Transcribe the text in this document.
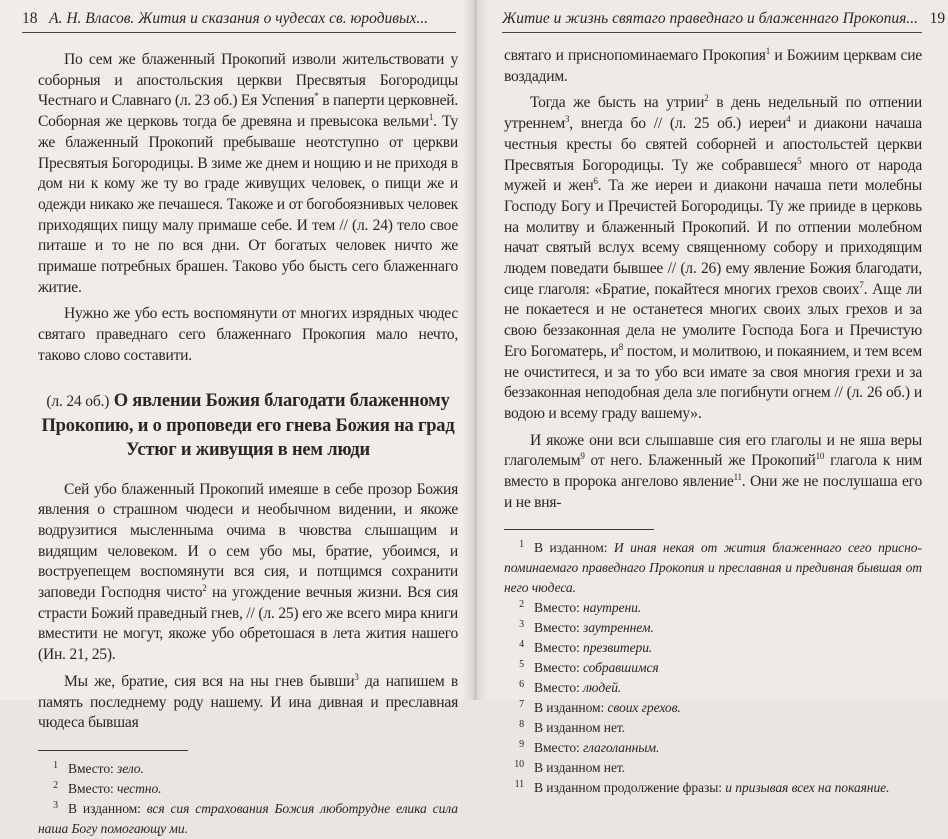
18 А. Н. Власов. Жития и сказания о чудесах св. юродивых...

По сем же блаженный Прокопий изволи жительствовати у соборныя и апостольския церкви Пресвятыя Богородицы Честнаго и Славнаго (л. 23 об.) Ея Успения* в паперти церковней. Соборная же церковь тогда бе древяна и превысока вельми$^1$. Ту же блаженный Прокопий пребываше неотступно от церкви Пресвятыя Богородицы. В зиме же днем и нощию и не приходя в дом ни к кому же ту во граде живущих человек, о пищи же и одежди никако же печашеся. Такоже и от богобоязнивых человек приходящих пищу малу примаше себе. И тем // (л. 24) тело свое питаше и то не по вся дни. От богатых человек ничто же примаше потребных брашен. Таково убо бысть сего блаженнаго житие.

Нужно же убо есть воспомянути от многих изрядных чюдес святаго праведнаго сего блаженнаго Прокопия мало нечто, таково слово составити.

(л. 24 об.) О явлении Божия благодати блаженному Прокопию, и о проповеди его гнева Божия на град Устюг и живущия в нем люди

Сей убо блаженный Прокопий имеяше в себе прозор Божия явления о страшном чюдеси и необычном видении, и якоже водрузитися мысленныма очима в чювства слышащим и видящим человеком. И о сем убо мы, братие, убоимся, и воструепещем воспомянути вся сия, и потщимся сохранити заповеди Господня чисто$^2$ на угождение вечныя жизни. Вся сия страсти Божий праведный гнев, // (л. 25) его же всего мира книги вместити не могут, якоже убо обретошася в лета жития нашего (Ин. 21, 25).

Мы же, братие, сия вся на ны гнев бывши$^3$ да напишем в память последнему роду нашему. И ина дивная и преславная чюдеса бывшая

1 Вместо: зело.
2 Вместо: честно.
3 В изданном: вся сия страхования Божия люботрудне елика сила наша Богу помогающу ми.
Житие и жизнь святаго праведнаго и блаженнаго Прокопия... 19

святаго и приснопоминаемаго Прокопия$^1$ и Божиим церквам сие воздадим.

Тогда же бысть на утрии$^2$ в день недельный по отпении утреннем$^3$, внегда бо // (л. 25 об.) иереи$^4$ и диакони начаша честныя кресты бо святей соборней и апостольстей церкви Пресвятыя Богородицы. Ту же собравшеся$^5$ много от народа мужей и жен$^6$. Та же иереи и диакони начаша пети молебны Господу Богу и Пречистей Богородицы. Ту же прииде в церковь на молитву и блаженный Прокопий. И по отпении молебном начат святый вслух всему священному собору и приходящим людем поведати бывшее // (л. 26) ему явление Божия благодати, сице глаголя: «Братие, покайтеся многих грехов своих$^7$. Аще ли не покаетеся и не останетеся многих своих злых грехов и за свою беззаконная дела не умолите Господа Бога и Пречистую Его Богоматерь, $и^8$ постом, и молитвою, и покаянием, и тем всем не очиститеся, и за то убо вси имате за своя многия грехи и за беззаконная неподобная дела зле погибнути огнем // (л. 26 об.) и водою и всему граду вашему».

И якоже они вси слышавше сия его глаголы и не яша веры глаголемым$^9$ от него. Блаженный же Прокопий$^{10}$ глагола к ним вместо в пророка ангелово явление$^{11}$. Они же не послушаша его и не вня-

1 В изданном: И иная некая от жития блаженнаго сего приснопоминаемаго праведнаго Прокопия и преславная и предивная бывшая от него чюдеса.
2 Вместо: наутрени.
3 Вместо: заутреннем.
4 Вместо: презвитери.
5 Вместо: собравшимся
6 Вместо: людей.
7 В изданном: своих грехов.
8 В изданном нет.
9 Вместо: глаголанным.
10 В изданном нет.
11 В изданном продолжение фразы: и призывая всех на покаяние.
